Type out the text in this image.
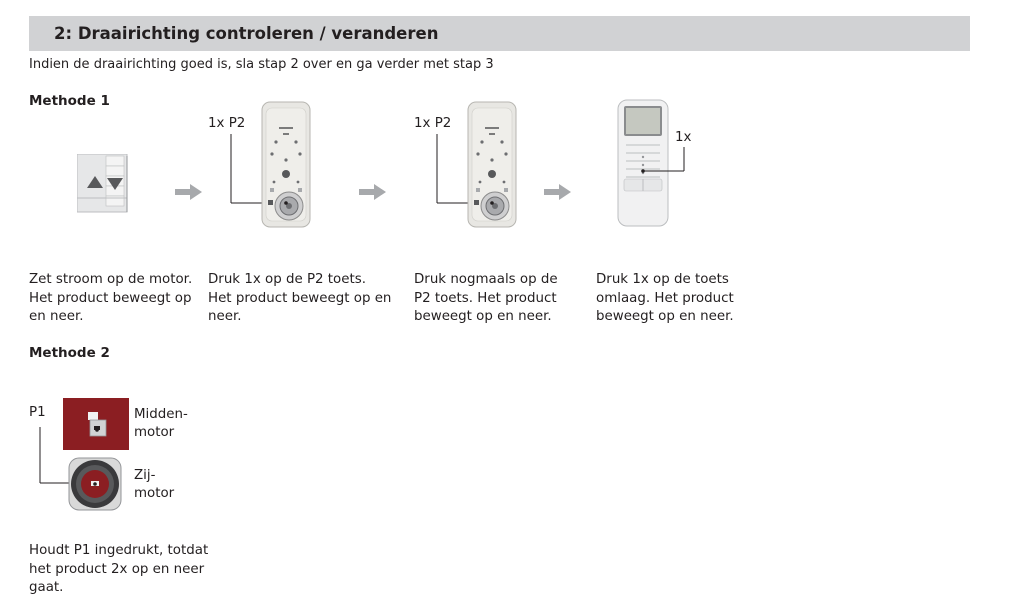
2: Draairichting controleren / veranderen
Indien de draairichting goed is, sla stap 2 over en ga verder met stap 3
Methode 1
1x P2	1x P2
1x
Zet stroom op de motor.
Het product beweegt op
en neer.
Druk 1x op de P2 toets.
Het product beweegt op en
neer.
Druk nogmaals op de
P2 toets. Het product
beweegt op en neer.
Druk 1x op de toets
omlaag. Het product
beweegt op en neer.
Methode 2
P1	Midden-
motor
Zij-
motor
Houdt P1 ingedrukt, totdat
het product 2x op en neer
gaat.
